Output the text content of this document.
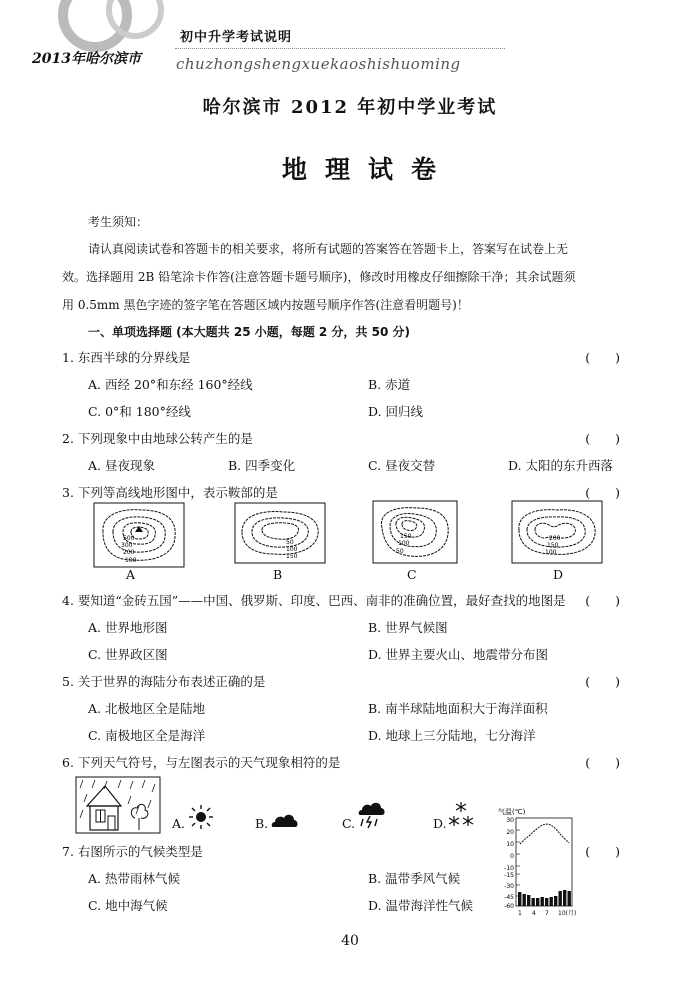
2013年哈尔滨市
初中升学考试说明
chuzhongshengxuekaoshishuoming
哈尔滨市 2012 年初中学业考试
地理试卷
考生须知：
请认真阅读试卷和答题卡的相关要求，将所有试题的答案答在答题卡上，答案写在试卷上无
效。选择题用 2B 铅笔涂卡作答(注意答题卡题号顺序)，修改时用橡皮仔细擦除干净；其余试题须
用 0.5mm 黑色字迹的签字笔在答题区域内按题号顺序作答(注意看明题号)！
一、单项选择题 (本大题共 25 小题，每题 2 分，共 50 分)
1. 东西半球的分界线是	(　　)
A. 西经 20°和东经 160°经线	B. 赤道
C. 0°和 180°经线	D. 回归线
2. 下列现象中由地球公转产生的是	(　　)
A. 昼夜现象	B. 四季变化	C. 昼夜交替	D. 太阳的东升西落
3. 下列等高线地形图中，表示鞍部的是	(　　)
500
300
200
100
A
50
100
150
B
150
100
50
C
200
150
100
D
4. 要知道“金砖五国”——中国、俄罗斯、印度、巴西、南非的准确位置，最好查找的地图是 (　　)
A. 世界地形图	B. 世界气候图
C. 世界政区图	D. 世界主要火山、地震带分布图
5. 关于世界的海陆分布表述正确的是	(　　)
A. 北极地区全是陆地	B. 南半球陆地面积大于海洋面积
C. 南极地区全是海洋	D. 地球上三分陆地，七分海洋
6. 下列天气符号，与左图表示的天气现象相符的是	(　　)
A.	B.	C.	D.
气温(℃)
30
20
10
0
-10
-15
-30
-45
-60
1 4 7 10(月)
7. 右图所示的气候类型是	(　　)
A. 热带雨林气候	B. 温带季风气候
C. 地中海气候	D. 温带海洋性气候
40
